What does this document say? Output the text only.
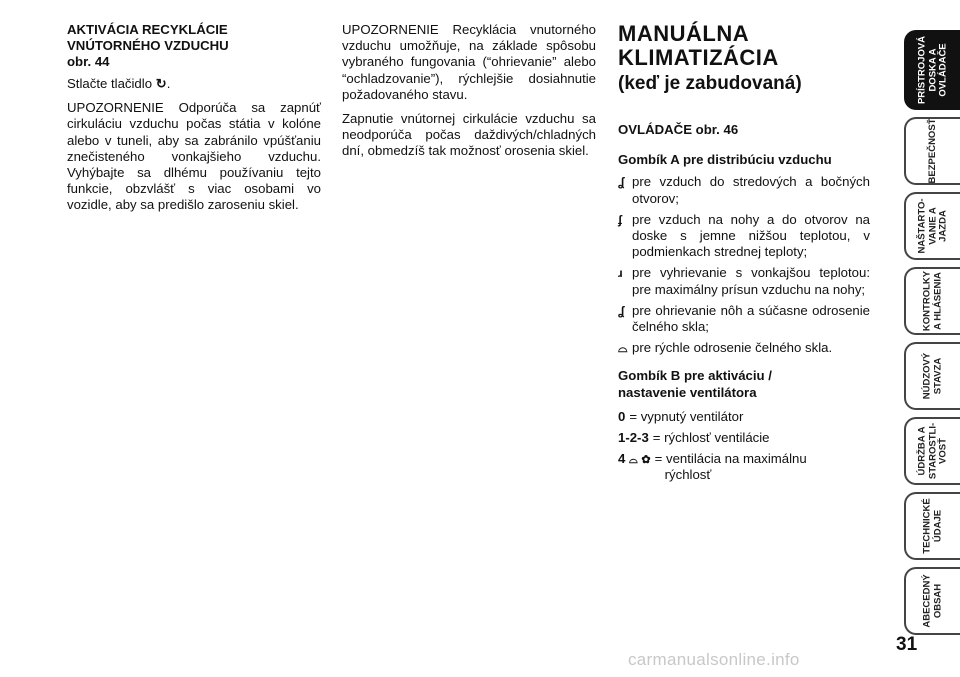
AKTIVÁCIA RECYKLÁCIE
VNÚTORNÉHO VZDUCHU
obr. 44

Stlačte tlačidlo ↻.

UPOZORNENIE Odporúča sa zapnúť cirkuláciu vzduchu počas státia v kolóne alebo v tuneli, aby sa zabránilo vpúšťaniu znečisteného vonkajšieho vzduchu. Vyhýbajte sa dlhému používaniu tejto funkcie, obzvlášť s viac osobami vo vozidle, aby sa predišlo zaroseniu skiel.

UPOZORNENIE Recyklácia vnutorného vzduchu umožňuje, na základe spôsobu vybraného fungovania (“ohrievanie” alebo “ochladzovanie”), rýchlejšie dosiahnutie požadovaného stavu.

Zapnutie vnútornej cirkulácie vzduchu sa neodporúča počas daždivých/chladných dní, obmedzíš tak možnosť orosenia skiel.

MANUÁLNA
KLIMATIZÁCIA
(keď je zabudovaná)

OVLÁDAČE obr. 46

Gombík A pre distribúciu vzduchu

ʆ pre vzduch do stredových a bočných otvorov;
ʄ pre vzduch na nohy a do otvorov na doske s jemne nižšou teplotou, v podmienkach strednej teploty;
ɹ pre vyhrievanie s vonkajšou teplotou: pre maximálny prísun vzduchu na nohy;
ʆ pre ohrievanie nôh a súčasne odrosenie čelného skla;
⌓ pre rýchle odrosenie čelného skla.
Gombík B pre aktiváciu /
nastavenie ventilátora
0 = vypnutý ventilátor
1-2-3 = rýchlosť ventilácie
4 ⌓ ✿ = ventilácia na maximálnu
rýchlosť
PRÍSTROJOVÁ
DOSKA A
OVLÁDAČE
BEZPEČNOSŤ
NAŠTARTO-
VANIE A
JAZDA
KONTROLKY
A HLÁSENIA
NÚDZOVÝ
STAVZA
ÚDRŽBA A
STAROSTLI-
VOSŤ
TECHNICKÉ
ÚDAJE
ABECEDNÝ
OBSAH
31
carmanualsonline.info
